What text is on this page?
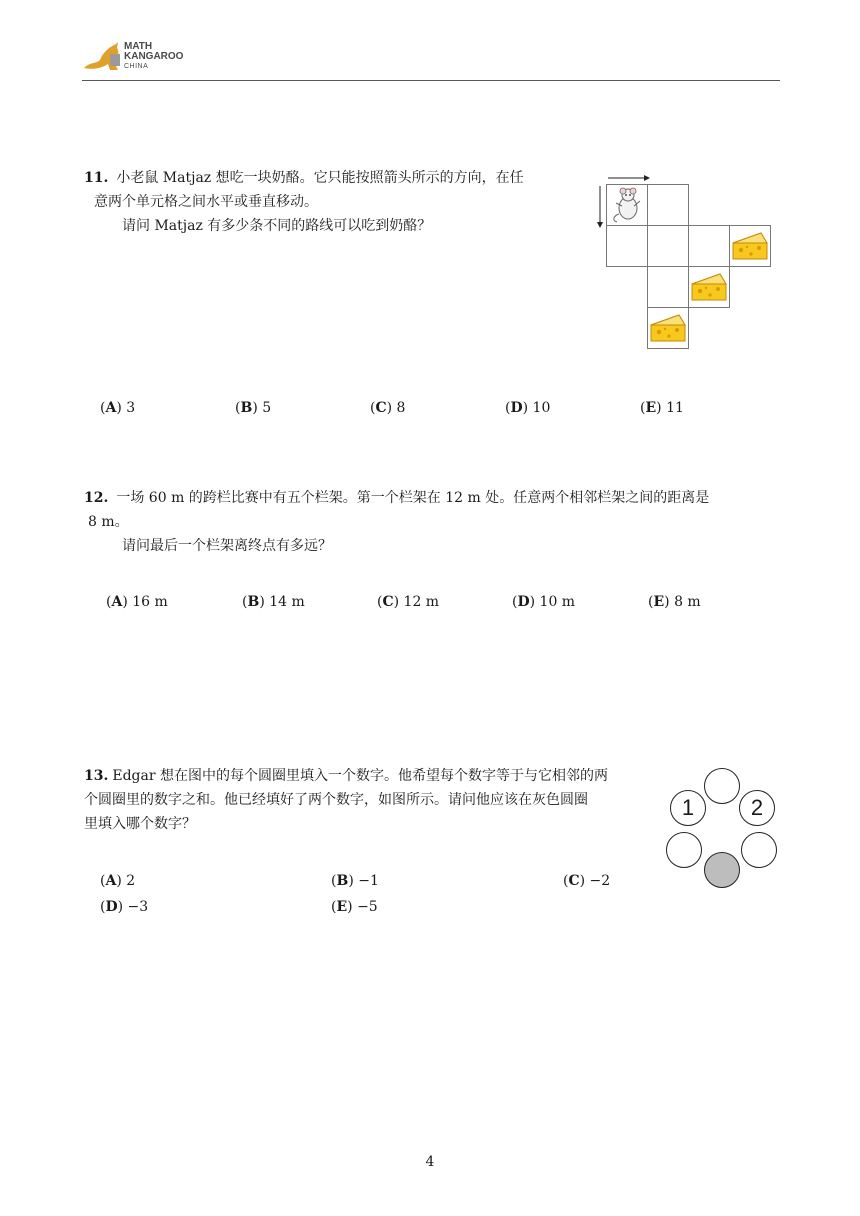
MATH
KANGAROO
CHINA
11. 小老鼠 Matjaz 想吃一块奶酪。它只能按照箭头所示的方向，在任
意两个单元格之间水平或垂直移动。
请问 Matjaz 有多少条不同的路线可以吃到奶酪？
(A) 3	(B) 5	(C) 8	(D) 10	(E) 11
12. 一场 60 m 的跨栏比赛中有五个栏架。第一个栏架在 12 m 处。任意两个相邻栏架之间的距离是
8 m。
请问最后一个栏架离终点有多远？
(A) 16 m	(B) 14 m	(C) 12 m	(D) 10 m	(E) 8 m
13. Edgar 想在图中的每个圆圈里填入一个数字。他希望每个数字等于与它相邻的两
个圆圈里的数字之和。他已经填好了两个数字，如图所示。请问他应该在灰色圆圈
里填入哪个数字？
1	2
(A) 2	(B) −1	(C) −2
(D) −3	(E) −5
4
